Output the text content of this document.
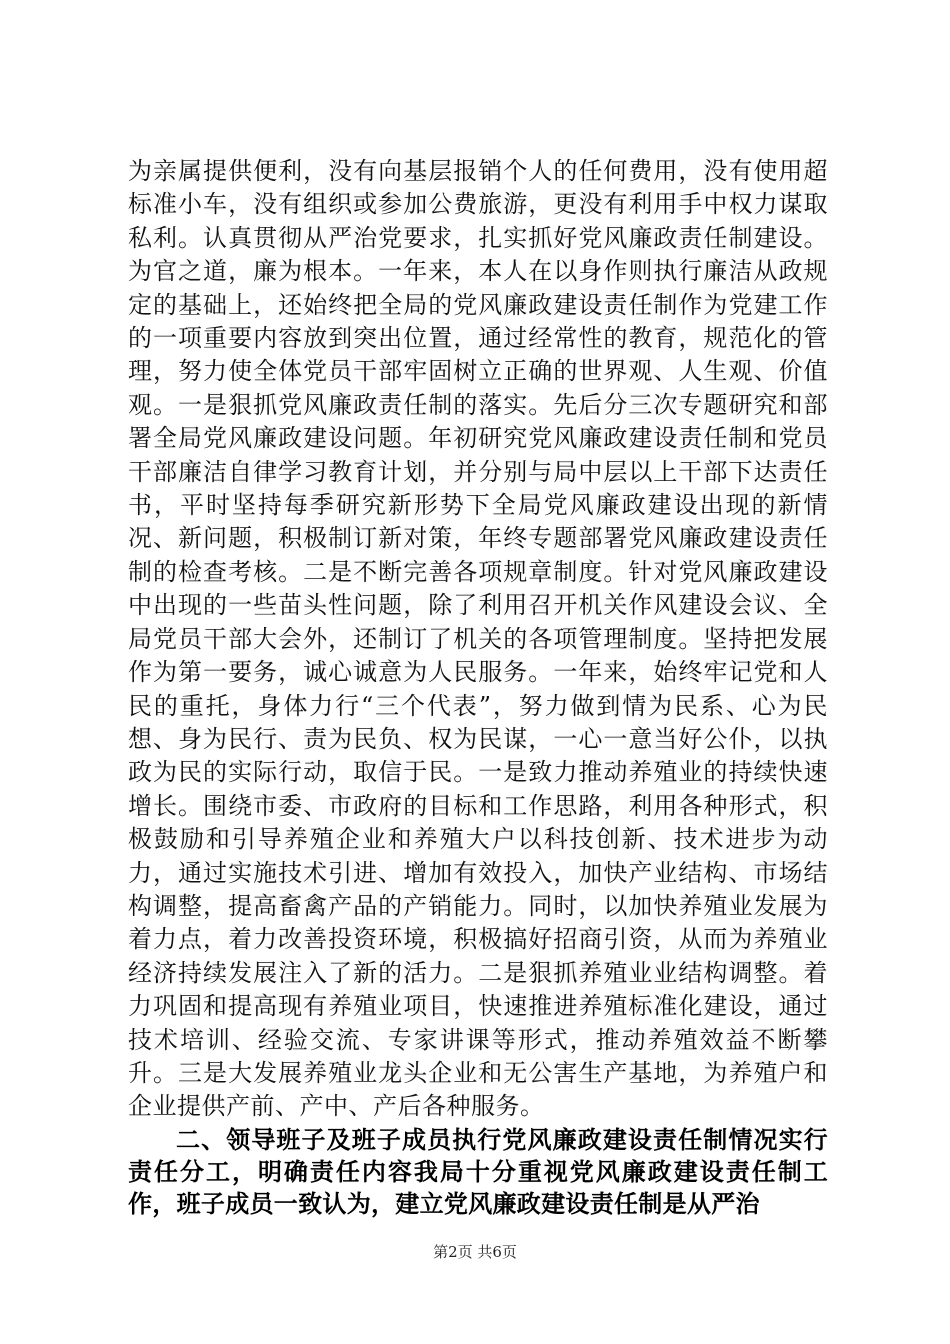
为亲属提供便利，没有向基层报销个人的任何费用，没有使用超标准小车，没有组织或参加公费旅游，更没有利用手中权力谋取私利。认真贯彻从严治党要求，扎实抓好党风廉政责任制建设。为官之道，廉为根本。一年来，本人在以身作则执行廉洁从政规定的基础上，还始终把全局的党风廉政建设责任制作为党建工作的一项重要内容放到突出位置，通过经常性的教育，规范化的管理，努力使全体党员干部牢固树立正确的世界观、人生观、价值观。一是狠抓党风廉政责任制的落实。先后分三次专题研究和部署全局党风廉政建设问题。年初研究党风廉政建设责任制和党员干部廉洁自律学习教育计划，并分别与局中层以上干部下达责任书，平时坚持每季研究新形势下全局党风廉政建设出现的新情况、新问题，积极制订新对策，年终专题部署党风廉政建设责任制的检查考核。二是不断完善各项规章制度。针对党风廉政建设中出现的一些苗头性问题，除了利用召开机关作风建设会议、全局党员干部大会外，还制订了机关的各项管理制度。坚持把发展作为第一要务，诚心诚意为人民服务。一年来，始终牢记党和人民的重托，身体力行“三个代表”，努力做到情为民系、心为民想、身为民行、责为民负、权为民谋，一心一意当好公仆，以执政为民的实际行动，取信于民。一是致力推动养殖业的持续快速增长。围绕市委、市政府的目标和工作思路，利用各种形式，积极鼓励和引导养殖企业和养殖大户以科技创新、技术进步为动力，通过实施技术引进、增加有效投入，加快产业结构、市场结构调整，提高畜禽产品的产销能力。同时，以加快养殖业发展为着力点，着力改善投资环境，积极搞好招商引资，从而为养殖业经济持续发展注入了新的活力。二是狠抓养殖业业结构调整。着力巩固和提高现有养殖业项目，快速推进养殖标准化建设，通过技术培训、经验交流、专家讲课等形式，推动养殖效益不断攀升。三是大发展养殖业龙头企业和无公害生产基地，为养殖户和企业提供产前、产中、产后各种服务。

二、领导班子及班子成员执行党风廉政建设责任制情况实行责任分工，明确责任内容我局十分重视党风廉政建设责任制工作，班子成员一致认为，建立党风廉政建设责任制是从严治

第2页 共6页
